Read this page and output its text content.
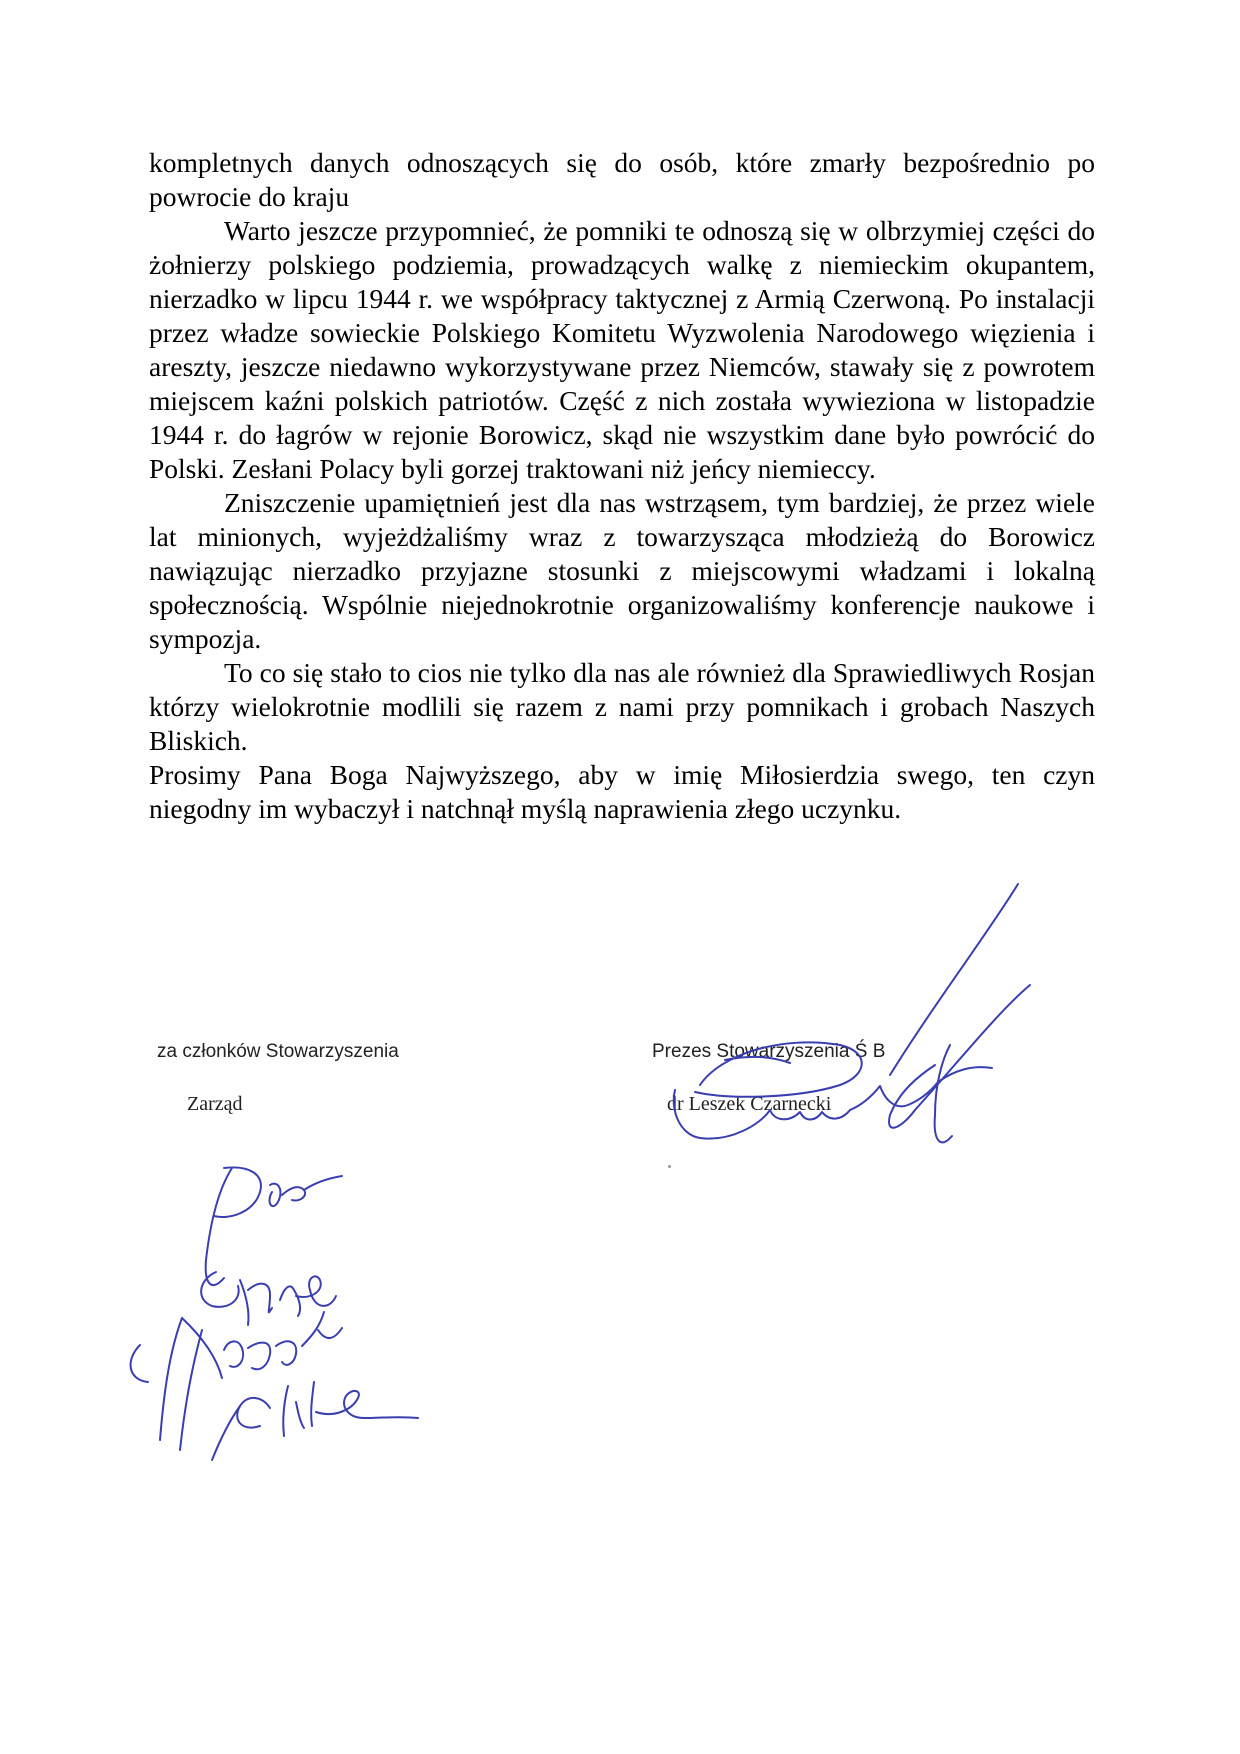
kompletnych danych odnoszących się do osób, które zmarły bezpośrednio po powrocie do kraju

Warto jeszcze przypomnieć, że pomniki te odnoszą się w olbrzymiej części do żołnierzy polskiego podziemia, prowadzących walkę z niemieckim okupantem, nierzadko w lipcu 1944 r. we współpracy taktycznej z Armią Czerwoną. Po instalacji przez władze sowieckie Polskiego Komitetu Wyzwolenia Narodowego więzienia i areszty, jeszcze niedawno wykorzystywane przez Niemców, stawały się z powrotem miejscem kaźni polskich patriotów. Część z nich została wywieziona w listopadzie 1944 r. do łagrów w rejonie Borowicz, skąd nie wszystkim dane było powrócić do Polski. Zesłani Polacy byli gorzej traktowani niż jeńcy niemieccy.

Zniszczenie upamiętnień jest dla nas wstrząsem, tym bardziej, że przez wiele lat minionych, wyjeżdżaliśmy wraz z towarzysząca młodzieżą do Borowicz nawiązując nierzadko przyjazne stosunki z miejscowymi władzami i lokalną społecznością. Wspólnie niejednokrotnie organizowaliśmy konferencje naukowe i sympozja.

To co się stało to cios nie tylko dla nas ale również dla Sprawiedliwych Rosjan którzy wielokrotnie modlili się razem z nami przy pomnikach i grobach Naszych Bliskich.

Prosimy Pana Boga Najwyższego, aby w imię Miłosierdzia swego, ten czyn niegodny im wybaczył i natchnął myślą naprawienia złego uczynku.

za członków Stowarzyszenia
Zarząd
Prezes Stowarzyszenia Ś B
dr Leszek Czarnecki
